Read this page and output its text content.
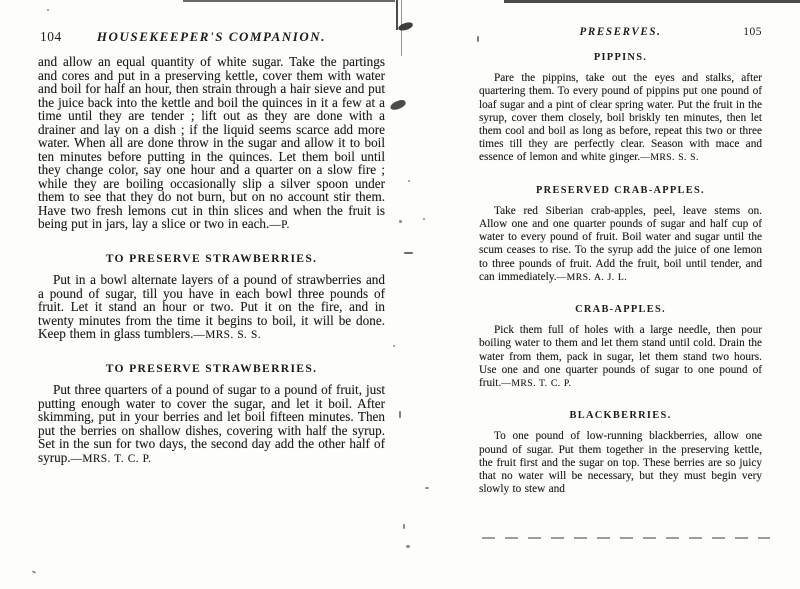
104	HOUSEKEEPER'S COMPANION.

and allow an equal quantity of white sugar. Take the partings and cores and put in a preserving kettle, cover them with water and boil for half an hour, then strain through a hair sieve and put the juice back into the kettle and boil the quinces in it a few at a time until they are tender ; lift out as they are done with a drainer and lay on a dish ; if the liquid seems scarce add more water. When all are done throw in the sugar and allow it to boil ten minutes before putting in the quinces. Let them boil until they change color, say one hour and a quarter on a slow fire ; while they are boiling occasionally slip a silver spoon under them to see that they do not burn, but on no account stir them. Have two fresh lemons cut in thin slices and when the fruit is being put in jars, lay a slice or two in each.—P.

TO PRESERVE STRAWBERRIES.

Put in a bowl alternate layers of a pound of strawberries and a pound of sugar, till you have in each bowl three pounds of fruit. Let it stand an hour or two. Put it on the fire, and in twenty minutes from the time it begins to boil, it will be done. Keep them in glass tumblers.—MRS. S. S.

TO PRESERVE STRAWBERRIES.

Put three quarters of a pound of sugar to a pound of fruit, just putting enough water to cover the sugar, and let it boil. After skimming, put in your berries and let boil fifteen minutes. Then put the berries on shallow dishes, covering with half the syrup. Set in the sun for two days, the second day add the other half of syrup.—MRS. T. C. P.

PRESERVES.	105
PIPPINS.

Pare the pippins, take out the eyes and stalks, after quartering them. To every pound of pippins put one pound of loaf sugar and a pint of clear spring water. Put the fruit in the syrup, cover them closely, boil briskly ten minutes, then let them cool and boil as long as before, repeat this two or three times till they are perfectly clear. Season with mace and essence of lemon and white ginger.—MRS. S. S.

PRESERVED CRAB-APPLES.

Take red Siberian crab-apples, peel, leave stems on. Allow one and one quarter pounds of sugar and half cup of water to every pound of fruit. Boil water and sugar until the scum ceases to rise. To the syrup add the juice of one lemon to three pounds of fruit. Add the fruit, boil until tender, and can immediately.—MRS. A. J. L.

CRAB-APPLES.

Pick them full of holes with a large needle, then pour boiling water to them and let them stand until cold. Drain the water from them, pack in sugar, let them stand two hours. Use one and one quarter pounds of sugar to one pound of fruit.—MRS. T. C. P.

BLACKBERRIES.

To one pound of low-running blackberries, allow one pound of sugar. Put them together in the preserving kettle, the fruit first and the sugar on top. These berries are so juicy that no water will be necessary, but they must begin very slowly to stew and
